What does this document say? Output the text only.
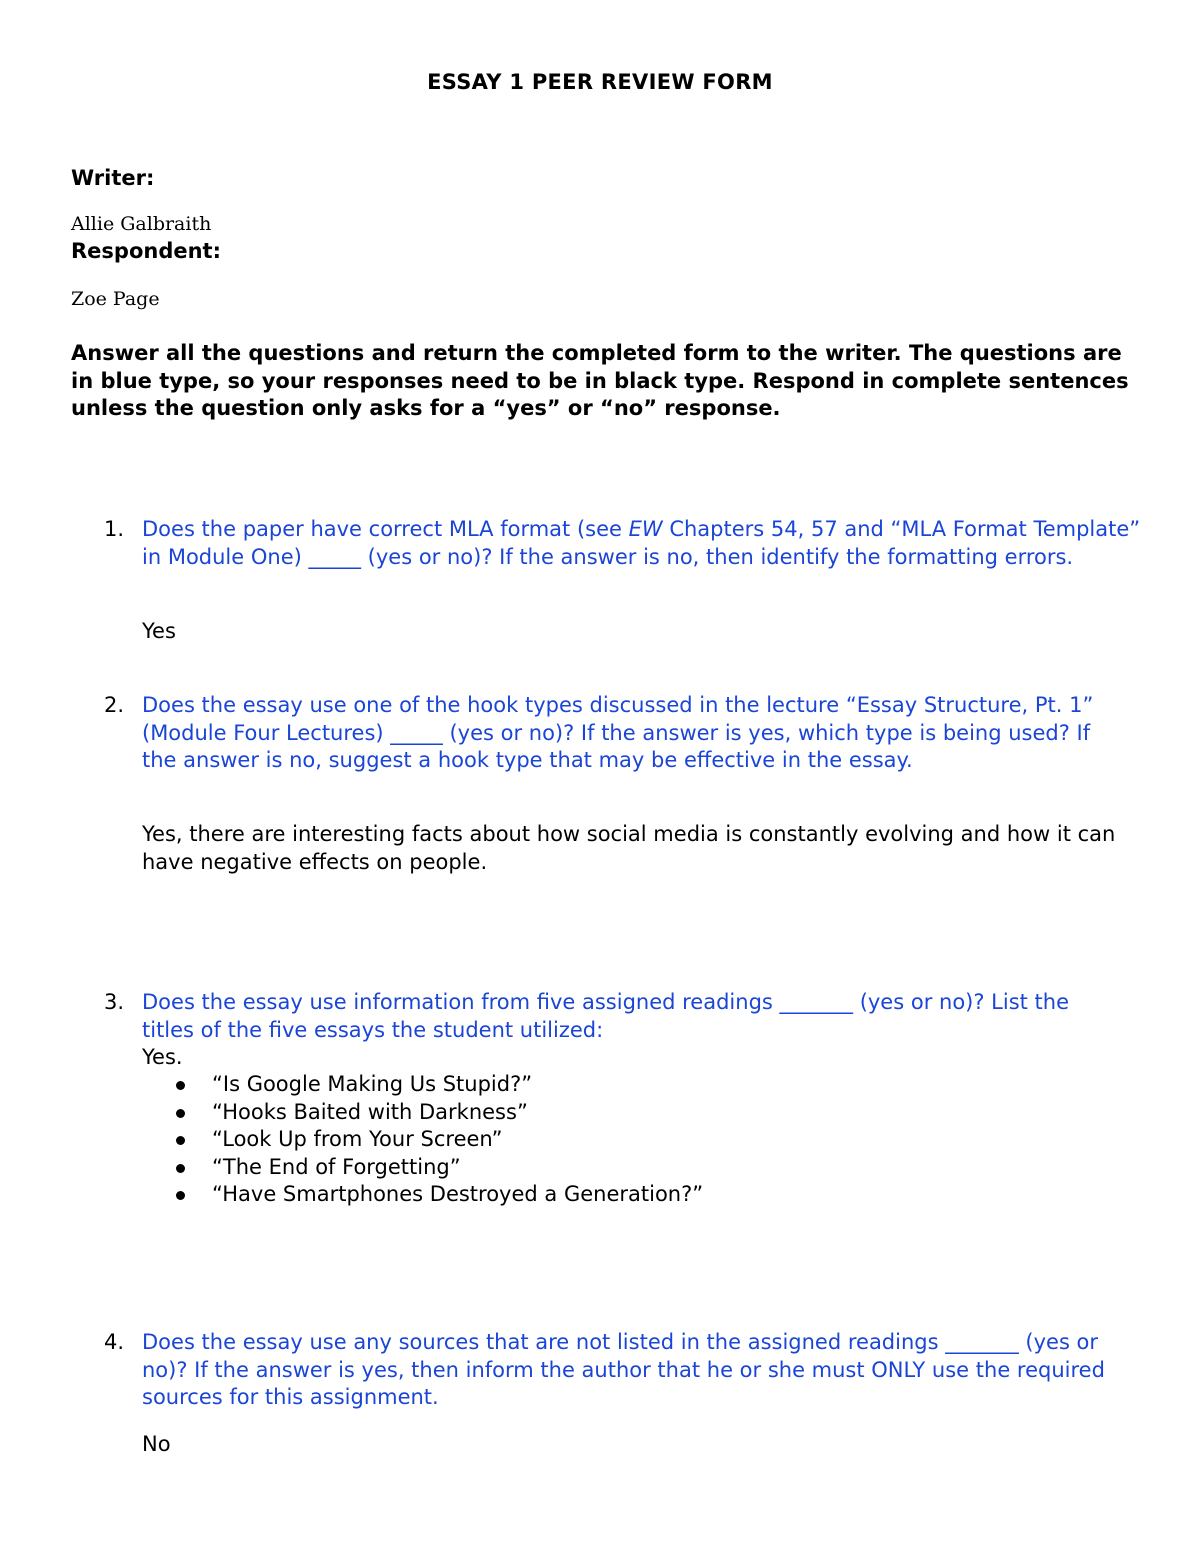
ESSAY 1 PEER REVIEW FORM
Writer:
Allie Galbraith
Respondent:
Zoe Page
Answer all the questions and return the completed form to the writer. The questions are in blue type, so your responses need to be in black type. Respond in complete sentences unless the question only asks for a “yes” or “no” response.
1. Does the paper have correct MLA format (see EW Chapters 54, 57 and “MLA Format Template” in Module One) _____ (yes or no)? If the answer is no, then identify the formatting errors.
Yes
2. Does the essay use one of the hook types discussed in the lecture “Essay Structure, Pt. 1” (Module Four Lectures) _____ (yes or no)? If the answer is yes, which type is being used? If the answer is no, suggest a hook type that may be effective in the essay.
Yes, there are interesting facts about how social media is constantly evolving and how it can have negative effects on people.
3. Does the essay use information from five assigned readings _______ (yes or no)? List the titles of the five essays the student utilized:
Yes.
“Is Google Making Us Stupid?”
“Hooks Baited with Darkness”
“Look Up from Your Screen”
“The End of Forgetting”
“Have Smartphones Destroyed a Generation?”
4. Does the essay use any sources that are not listed in the assigned readings _______ (yes or no)? If the answer is yes, then inform the author that he or she must ONLY use the required sources for this assignment.
No
